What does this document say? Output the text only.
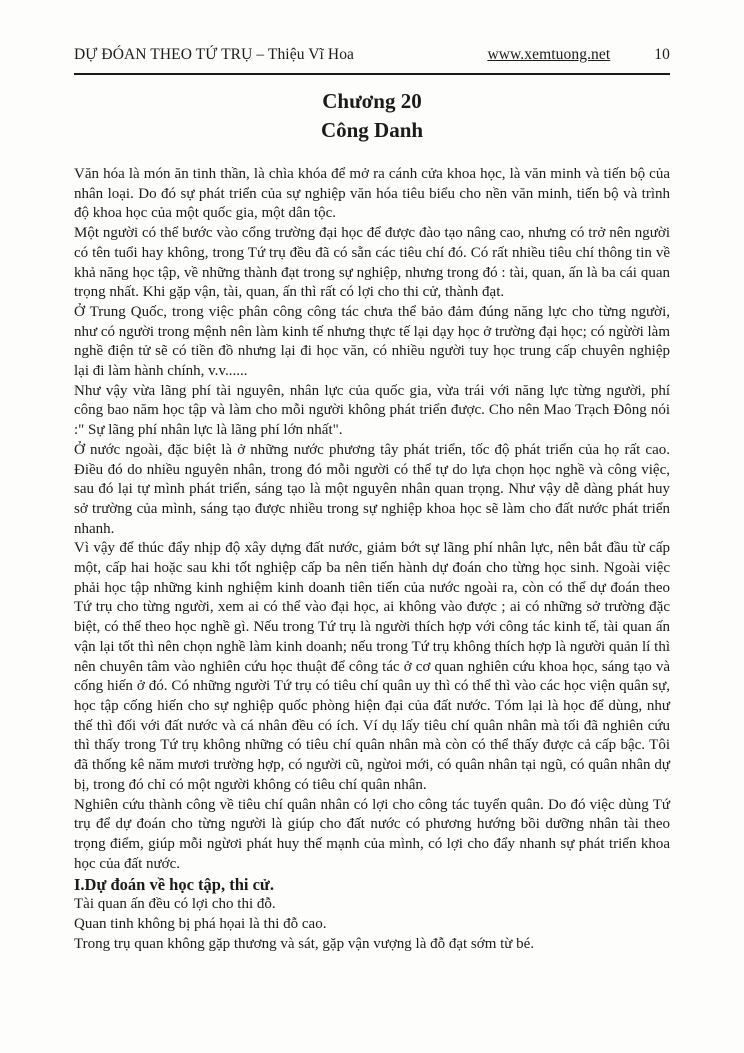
DỰ ĐÓAN THEO TỨ TRỤ – Thiệu Vĩ Hoa	www.xemtuong.net	10
Chương 20
Công Danh

Văn hóa là món ăn tinh thần, là chìa khóa để mở ra cánh cửa khoa học, là văn minh và tiến bộ của nhân loại. Do đó sự phát triển của sự nghiệp văn hóa tiêu biểu cho nền văn minh, tiến bộ và trình độ khoa học của một quốc gia, một dân tộc.

Một người có thể bước vào cổng trường đại học để được đào tạo nâng cao, nhưng có trở nên người có tên tuổi hay không, trong Tứ trụ đều đã có sẵn các tiêu chí đó. Có rất nhiều tiêu chí thông tin về khả năng học tập, về những thành đạt trong sự nghiệp, nhưng trong đó : tài, quan, ấn là ba cái quan trọng nhất. Khi gặp vận, tài, quan, ấn thì rất có lợi cho thi cử, thành đạt.

Ở Trung Quốc, trong việc phân công công tác chưa thể bảo đảm đúng năng lực cho từng người, như có người trong mệnh nên làm kinh tế nhưng thực tế lại dạy học ở trường đại học; có ngừời làm nghề điện tử sẽ có tiền đồ nhưng lại đi học văn, có nhiều người tuy học trung cấp chuyên nghiệp lại đi làm hành chính, v.v......

Như vậy vừa lãng phí tài nguyên, nhân lực của quốc gia, vừa trái với năng lực từng người, phí công bao năm học tập và làm cho mỗi người không phát triển được. Cho nên Mao Trạch Đông nói :" Sự lãng phí nhân lực là lãng phí lớn nhất".

Ở nước ngoài, đặc biệt là ở những nước phương tây phát triển, tốc độ phát triển của họ rất cao. Điều đó do nhiều nguyên nhân, trong đó mỗi người có thể tự do lựa chọn học nghề và công việc, sau đó lại tự mình phát triển, sáng tạo là một nguyên nhân quan trọng. Như vậy dễ dàng phát huy sở trường của mình, sáng tạo được nhiều trong sự nghiệp khoa học sẽ làm cho đất nước phát triển nhanh.

Vì vậy để thúc đẩy nhịp độ xây dựng đất nước, giảm bớt sự lãng phí nhân lực, nên bắt đầu từ cấp một, cấp hai hoặc sau khi tốt nghiệp cấp ba nên tiến hành dự đoán cho từng học sinh. Ngoài việc phải học tập những kinh nghiệm kinh doanh tiên tiến của nước ngoài ra, còn có thể dự đoán theo Tứ trụ cho từng người, xem ai có thể vào đại học, ai không vào được ; ai có những sở trường đặc biệt, có thể theo học nghề gì. Nếu trong Tứ trụ là người thích hợp với công tác kinh tế, tài quan ấn vận lại tốt thì nên chọn nghề làm kinh doanh; nếu trong Tứ trụ không thích hợp là người quản lí thì nên chuyên tâm vào nghiên cứu học thuật để công tác ở cơ quan nghiên cứu khoa học, sáng tạo và cống hiến ở đó. Có những người Tứ trụ có tiêu chí quân uy thì có thể thì vào các học viện quân sự, học tập cống hiến cho sự nghiệp quốc phòng hiện đại của đất nước. Tóm lại là học để dùng, như thế thì đối với đất nước và cá nhân đều có ích. Ví dụ lấy tiêu chí quân nhân mà tối đã nghiên cứu thì thấy trong Tứ trụ không những có tiêu chí quân nhân mà còn có thể thấy được cả cấp bậc. Tôi đã thống kê năm mươi trường hợp, có người cũ, ngừoi mới, có quân nhân tại ngũ, có quân nhân dự bị, trong đó chỉ có một người không có tiêu chí quân nhân.

Nghiên cứu thành công về tiêu chí quân nhân có lợi cho công tác tuyển quân. Do đó việc dùng Tứ trụ để dự đoán cho từng người là giúp cho đất nước có phương hướng bồi dưỡng nhân tài theo trọng điểm, giúp mỗi ngừơi phát huy thế mạnh của mình, có lợi cho đẩy nhanh sự phát triển khoa học của đất nước.

I.Dự đoán về học tập, thi cử.

Tài quan ấn đều có lợi cho thi đỗ.

Quan tinh không bị phá họai là thi đỗ cao.

Trong trụ quan không gặp thương và sát, gặp vận vượng là đỗ đạt sớm từ bé.
